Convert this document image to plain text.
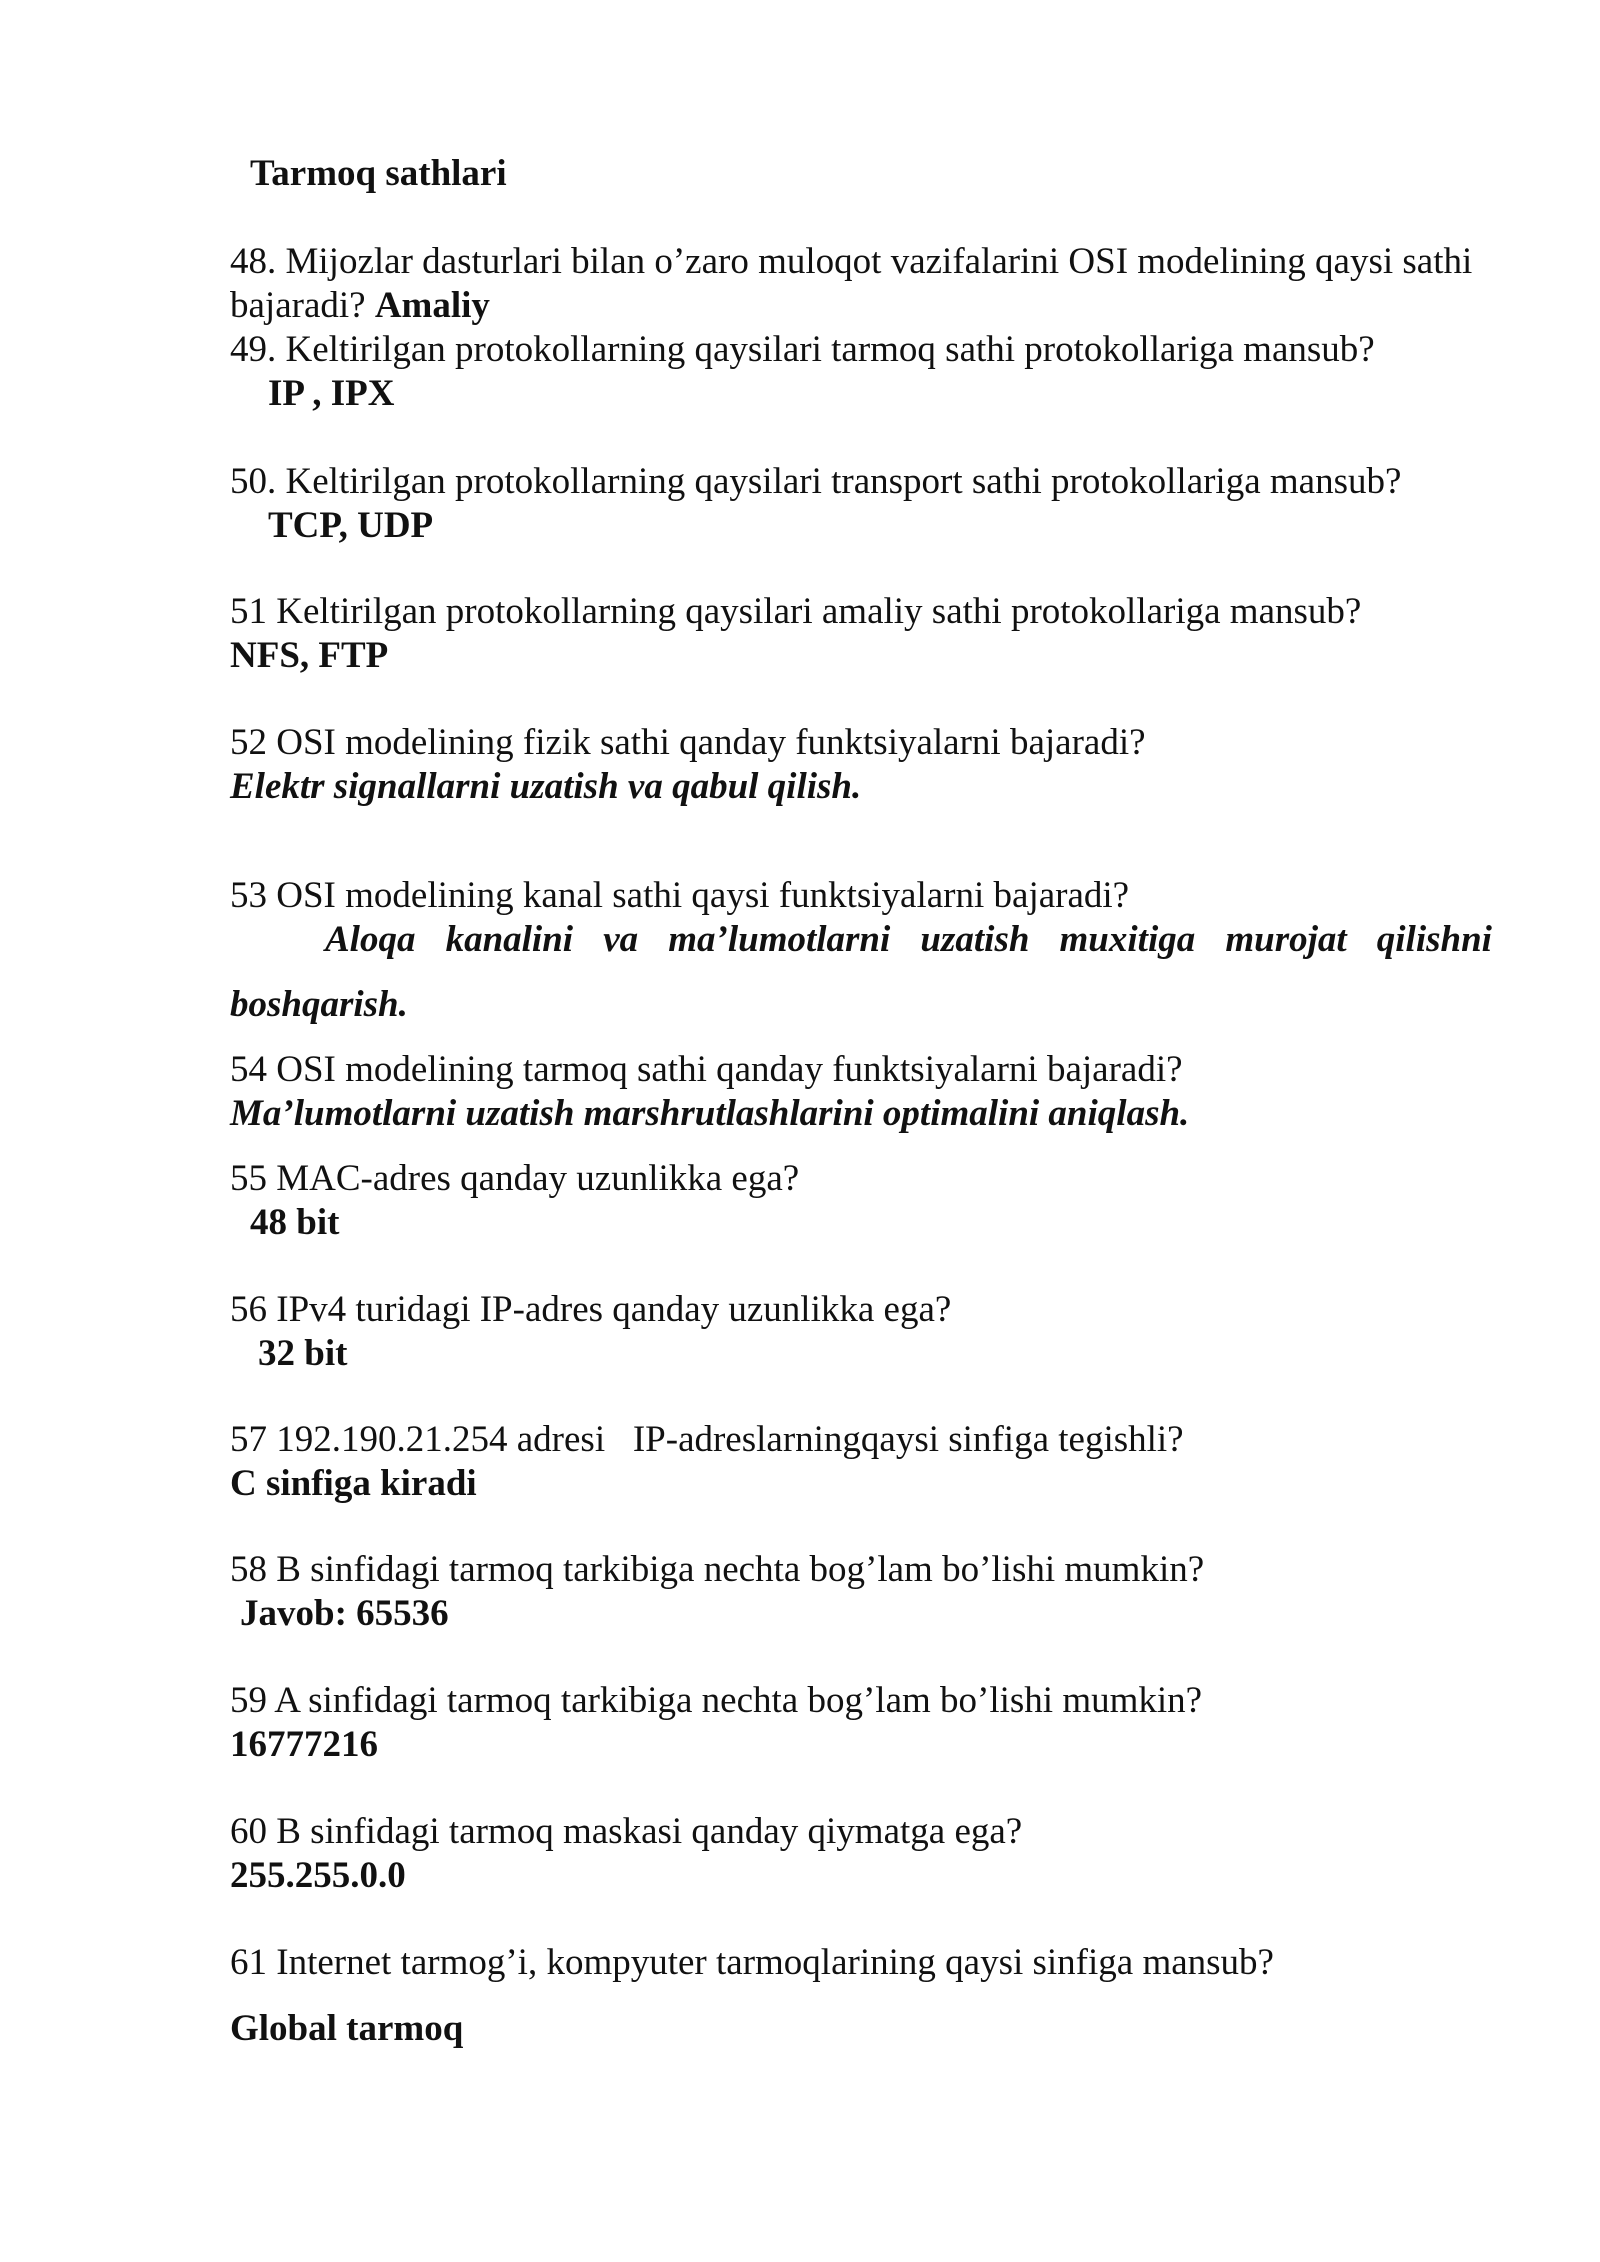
Tarmoq sathlari

48. Mijozlar dasturlari bilan o’zaro muloqot vazifalarini OSI modelining qaysi sathi

bajaradi? Amaliy

49. Keltirilgan protokollarning qaysilari tarmoq sathi protokollariga mansub?

IP , IPX

50. Keltirilgan protokollarning qaysilari transport sathi protokollariga mansub?

TCP, UDP

51 Keltirilgan protokollarning qaysilari amaliy sathi protokollariga mansub?

NFS, FTP

52 OSI modelining fizik sathi qanday funktsiyalarni bajaradi?

Elektr signallarni uzatish va qabul qilish.

53 OSI modelining kanal sathi qaysi funktsiyalarni bajaradi?

Aloqa kanalini va ma’lumotlarni uzatish muxitiga murojat qilishni

boshqarish.

54 OSI modelining tarmoq sathi qanday funktsiyalarni bajaradi?

Ma’lumotlarni uzatish marshrutlashlarini optimalini aniqlash.

55 MAC-adres qanday uzunlikka ega?

48 bit

56 IPv4 turidagi IP-adres qanday uzunlikka ega?

32 bit

57 192.190.21.254 adresi   IP-adreslarningqaysi sinfiga tegishli?

C sinfiga kiradi

58 B sinfidagi tarmoq tarkibiga nechta bog’lam bo’lishi mumkin?

Javob: 65536

59 A sinfidagi tarmoq tarkibiga nechta bog’lam bo’lishi mumkin?

16777216

60 B sinfidagi tarmoq maskasi qanday qiymatga ega?

255.255.0.0

61 Internet tarmog’i, kompyuter tarmoqlarining qaysi sinfiga mansub?

Global tarmoq
